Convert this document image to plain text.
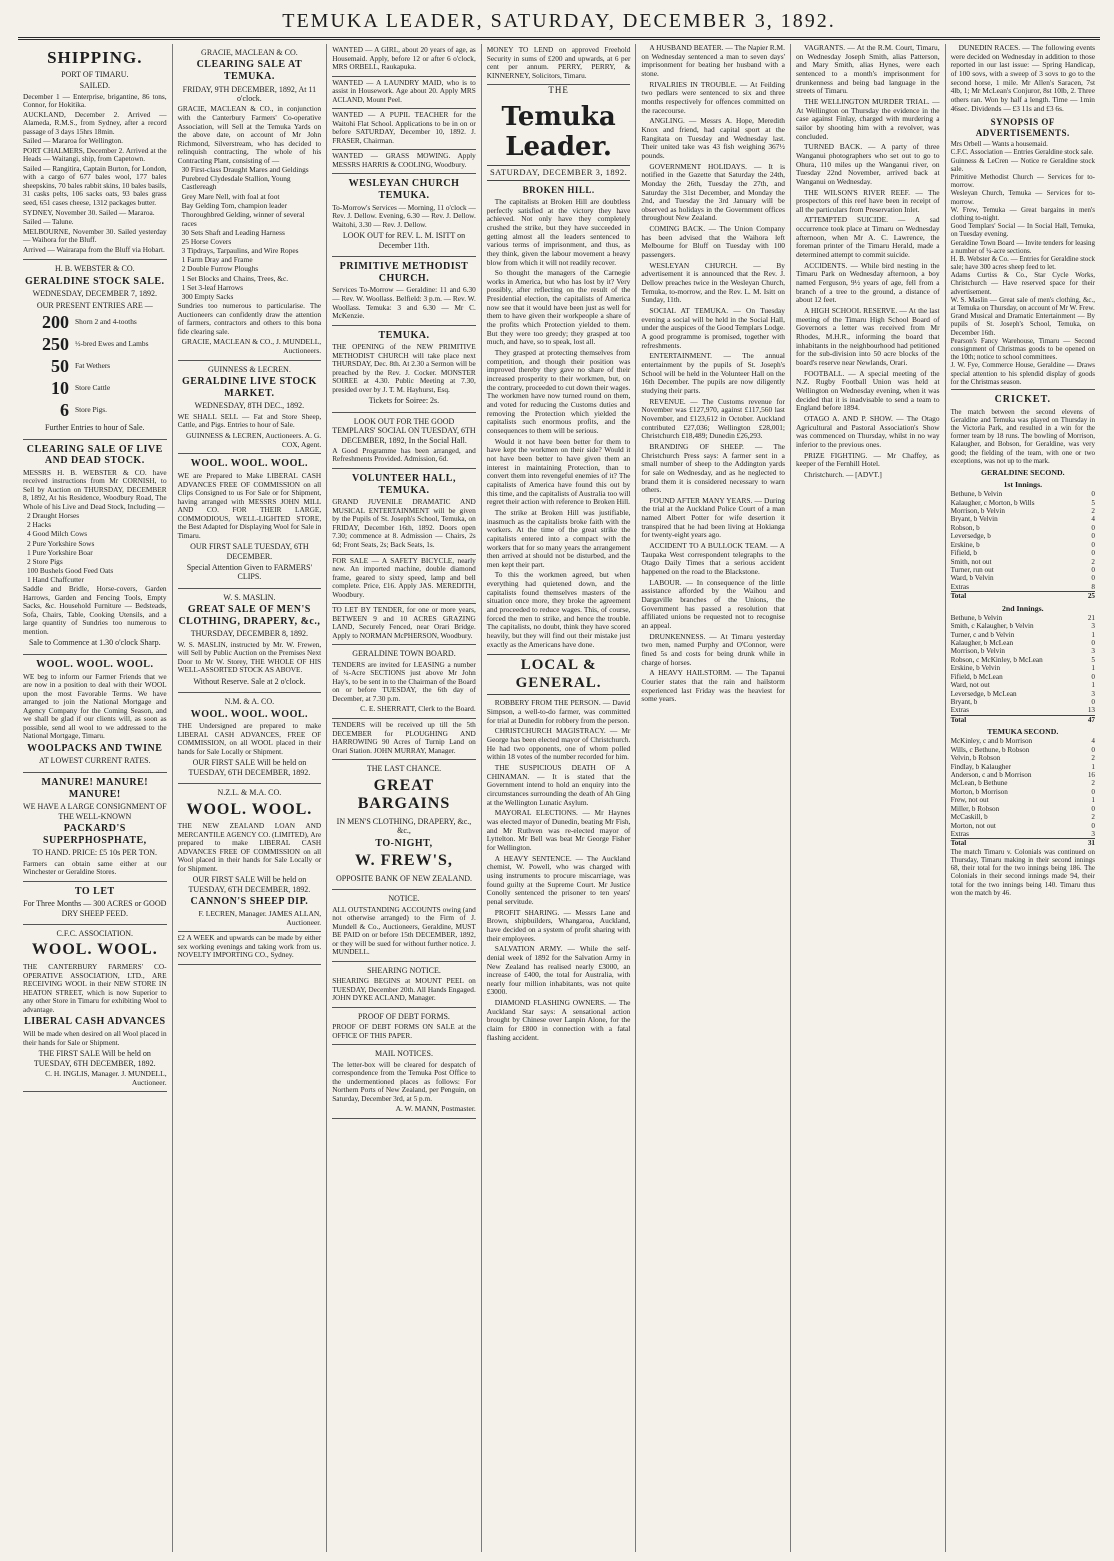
TEMUKA LEADER, SATURDAY, DECEMBER 3, 1892.
SHIPPING.
PORT OF TIMARU.
SAILED.
December 1 — Enterprise, brigantine, 86 tons, Connor, for Hokitika.
AUCKLAND, December 2. Arrived — Alameda, R.M.S., from Sydney, after a record passage of 3 days 15hrs 18min.
Sailed — Mararoa for Wellington.
PORT CHALMERS, December 2. Arrived at the Heads — Waitangi, ship, from Capetown.
Sailed — Rangitira, Captain Burton, for London, with a cargo of 677 bales wool, 177 bales sheepskins, 70 bales rabbit skins, 10 bales basils, 31 casks pelts, 106 sacks oats, 93 bales grass seed, 651 cases cheese, 1312 packages butter.
SYDNEY, November 30. Sailed — Mararoa.
Sailed — Talune.
MELBOURNE, November 30. Sailed yesterday — Waihora for the Bluff.
Arrived — Wairarapa from the Bluff via Hobart.
H. B. WEBSTER & CO.
GERALDINE STOCK SALE.
WEDNESDAY, DECEMBER 7, 1892.
OUR PRESENT ENTRIES ARE —
200 Shorn 2 and 4-tooths
250 ½-bred Ewes and Lambs
50 Fat Wethers
10 Store Cattle
6 Store Pigs.
Further Entries to hour of Sale.
CLEARING SALE OF LIVE AND DEAD STOCK.
MESSRS H. B. WEBSTER & CO. have received instructions from Mr CORNISH, to Sell by Auction on THURSDAY, DECEMBER 8, 1892, At his Residence, Woodbury Road, The Whole of his Live and Dead Stock, Including —
2 Draught Horses
2 Hacks
4 Good Milch Cows
2 Pure Yorkshire Sows
1 Pure Yorkshire Boar
2 Store Pigs
100 Bushels Good Feed Oats
1 Hand Chaffcutter
Saddle and Bridle, Horse-covers, Garden Harrows, Garden and Fencing Tools, Empty Sacks, &c. Household Furniture — Bedsteads, Sofa, Chairs, Table, Cooking Utensils, and a large quantity of Sundries too numerous to mention.
Sale to Commence at 1.30 o'clock Sharp.
WOOL. WOOL. WOOL.
WE beg to inform our Farmer Friends that we are now in a position to deal with their WOOL upon the most Favorable Terms. We have arranged to join the National Mortgage and Agency Company for the Coming Season, and we shall be glad if our clients will, as soon as possible, send all wool to we addressed to the National Mortgage, Timaru.
WOOLPACKS AND TWINE
AT LOWEST CURRENT RATES.
MANURE! MANURE! MANURE!
WE HAVE A LARGE CONSIGNMENT OF THE WELL-KNOWN
PACKARD'S SUPERPHOSPHATE,
TO HAND. PRICE: £5 10s PER TON.
Farmers can obtain same either at our Winchester or Geraldine Stores.
TO LET
For Three Months — 300 ACRES or GOOD DRY SHEEP FEED.
C.F.C. ASSOCIATION.
WOOL. WOOL.
THE CANTERBURY FARMERS' CO-OPERATIVE ASSOCIATION, LTD., ARE RECEIVING WOOL in their NEW STORE IN HEATON STREET, which is now Superior to any other Store in Timaru for exhibiting Wool to advantage.
LIBERAL CASH ADVANCES
Will be made when desired on all Wool placed in their hands for Sale or Shipment.
THE FIRST SALE Will be held on TUESDAY, 6TH DECEMBER, 1892.
C. H. INGLIS, Manager. J. MUNDELL, Auctioneer.
GRACIE, MACLEAN & CO.
CLEARING SALE AT TEMUKA.
FRIDAY, 9TH DECEMBER, 1892, At 11 o'clock.
GRACIE, MACLEAN & CO., in conjunction with the Canterbury Farmers' Co-operative Association, will Sell at the Temuka Yards on the above date, on account of Mr John Richmond, Silverstream, who has decided to relinquish contracting, The whole of his Contracting Plant, consisting of —
30 First-class Draught Mares and Geldings
Purebred Clydesdale Stallion, Young Castlereagh
Grey Mare Nell, with foal at foot
Bay Gelding Tom, champion leader
Thoroughbred Gelding, winner of several races
30 Sets Shaft and Leading Harness
25 Horse Covers
3 Tipdrays, Tarpaulins, and Wire Ropes
1 Farm Dray and Frame
2 Double Furrow Ploughs
1 Set Blocks and Chains, Trees, &c.
1 Set 3-leaf Harrows
300 Empty Sacks
Sundries too numerous to particularise. The Auctioneers can confidently draw the attention of farmers, contractors and others to this bona fide clearing sale.
GRACIE, MACLEAN & CO., J. MUNDELL, Auctioneers.
GUINNESS & LECREN.
GERALDINE LIVE STOCK MARKET.
WEDNESDAY, 8TH DEC., 1892.
WE SHALL SELL — Fat and Store Sheep, Cattle, and Pigs. Entries to hour of Sale.
GUINNESS & LECREN, Auctioneers. A. G. COX, Agent.
WOOL. WOOL. WOOL.
WE are Prepared to Make LIBERAL CASH ADVANCES FREE OF COMMISSION on all Clips Consigned to us For Sale or for Shipment, having arranged with MESSRS JOHN MILL AND CO. FOR THEIR LARGE, COMMODIOUS, WELL-LIGHTED STORE, the Best Adapted for Displaying Wool for Sale in Timaru.
OUR FIRST SALE TUESDAY, 6TH DECEMBER.
Special Attention Given to FARMERS' CLIPS.
W. S. MASLIN.
GREAT SALE OF MEN'S CLOTHING, DRAPERY, &c.,
THURSDAY, DECEMBER 8, 1892.
W. S. MASLIN, instructed by Mr. W. Frewen, will Sell by Public Auction on the Premises Next Door to Mr W. Storey, THE WHOLE OF HIS WELL-ASSORTED STOCK AS ABOVE.
Without Reserve. Sale at 2 o'clock.
N.M. & A. CO.
WOOL. WOOL. WOOL.
THE Undersigned are prepared to make LIBERAL CASH ADVANCES, FREE OF COMMISSION, on all WOOL placed in their hands for Sale Locally or Shipment.
OUR FIRST SALE Will be held on TUESDAY, 6TH DECEMBER, 1892.
N.Z.L. & M.A. CO.
WOOL. WOOL.
THE NEW ZEALAND LOAN AND MERCANTILE AGENCY CO. (LIMITED), Are prepared to make LIBERAL CASH ADVANCES FREE OF COMMISSION on all Wool placed in their hands for Sale Locally or for Shipment.
OUR FIRST SALE Will be held on TUESDAY, 6TH DECEMBER, 1892.
CANNON'S SHEEP DIP.
F. LECREN, Manager. JAMES ALLAN, Auctioneer.
£2 A WEEK and upwards can be made by either sex working evenings and taking work from us. NOVELTY IMPORTING CO., Sydney.
WANTED — A GIRL, about 20 years of age, as Housemaid. Apply, before 12 or after 6 o'clock, MRS ORBELL, Raukapuka.
WANTED — A LAUNDRY MAID, who is to assist in Housework. Age about 20. Apply MRS ACLAND, Mount Peel.
WANTED — A PUPIL TEACHER for the Waitohi Flat School. Applications to be in on or before SATURDAY, December 10, 1892. J. FRASER, Chairman.
WANTED — GRASS MOWING. Apply MESSRS HARRIS & COOLING, Woodbury.
WESLEYAN CHURCH TEMUKA.
To-Morrow's Services — Morning, 11 o'clock — Rev. J. Dellow. Evening, 6.30 — Rev. J. Dellow. Waitohi, 3.30 — Rev. J. Dellow.
LOOK OUT for REV. L. M. ISITT on December 11th.
PRIMITIVE METHODIST CHURCH.
Services To-Morrow — Geraldine: 11 and 6.30 — Rev. W. Woollass. Belfield: 3 p.m. — Rev. W. Woollass. Temuka: 3 and 6.30 — Mr C. McKenzie.
TEMUKA.
THE OPENING of the NEW PRIMITIVE METHODIST CHURCH will take place next THURSDAY, Dec. 8th. At 2.30 a Sermon will be preached by the Rev. J. Cocker. MONSTER SOIREE at 4.30. Public Meeting at 7.30, presided over by J. T. M. Hayhurst, Esq.
Tickets for Soiree: 2s.
LOOK OUT FOR THE GOOD TEMPLARS' SOCIAL ON TUESDAY, 6TH DECEMBER, 1892, In the Social Hall.
A Good Programme has been arranged, and Refreshments Provided. Admission, 6d.
VOLUNTEER HALL, TEMUKA.
GRAND JUVENILE DRAMATIC AND MUSICAL ENTERTAINMENT will be given by the Pupils of St. Joseph's School, Temuka, on FRIDAY, December 16th, 1892. Doors open 7.30; commence at 8. Admission — Chairs, 2s 6d; Front Seats, 2s; Back Seats, 1s.
FOR SALE — A SAFETY BICYCLE, nearly new. An imported machine, double diamond frame, geared to sixty speed, lamp and bell complete. Price, £16. Apply JAS. MEREDITH, Woodbury.
TO LET BY TENDER, for one or more years, BETWEEN 9 and 10 ACRES GRAZING LAND, Securely Fenced, near Orari Bridge. Apply to NORMAN McPHERSON, Woodbury.
GERALDINE TOWN BOARD.
TENDERS are invited for LEASING a number of ¼-Acre SECTIONS just above Mr John Hay's, to be sent in to the Chairman of the Board on or before TUESDAY, the 6th day of December, at 7.30 p.m.
C. E. SHERRATT, Clerk to the Board.
TENDERS will be received up till the 5th DECEMBER for PLOUGHING AND HARROWING 90 Acres of Turnip Land on Orari Station. JOHN MURRAY, Manager.
THE LAST CHANCE.
GREAT BARGAINS
IN MEN'S CLOTHING, DRAPERY, &c., &c.,
TO-NIGHT,
W. FREW'S,
OPPOSITE BANK OF NEW ZEALAND.
NOTICE.
ALL OUTSTANDING ACCOUNTS owing (and not otherwise arranged) to the Firm of J. Mundell & Co., Auctioneers, Geraldine, MUST BE PAID on or before 15th DECEMBER, 1892, or they will be sued for without further notice. J. MUNDELL.
SHEARING NOTICE.
SHEARING BEGINS at MOUNT PEEL on TUESDAY, December 20th. All Hands Engaged. JOHN DYKE ACLAND, Manager.
PROOF OF DEBT FORMS.
PROOF OF DEBT FORMS ON SALE at the OFFICE OF THIS PAPER.
MAIL NOTICES.
The letter-box will be cleared for despatch of correspondence from the Temuka Post Office to the undermentioned places as follows: For Northern Ports of New Zealand, per Penguin, on Saturday, December 3rd, at 5 p.m.
A. W. MANN, Postmaster.
MONEY TO LEND on approved Freehold Security in sums of £200 and upwards, at 6 per cent per annum. PERRY, PERRY, & KINNERNEY, Solicitors, Timaru.
THE
Temuka Leader.
SATURDAY, DECEMBER 3, 1892.
BROKEN HILL.

The capitalists at Broken Hill are doubtless perfectly satisfied at the victory they have achieved. Not only have they completely crushed the strike, but they have succeeded in getting almost all the leaders sentenced to various terms of imprisonment, and thus, as they think, given the labour movement a heavy blow from which it will not readily recover.

So thought the managers of the Carnegie works in America, but who has lost by it? Very possibly, after reflecting on the result of the Presidential election, the capitalists of America now see that it would have been just as well for them to have given their workpeople a share of the profits which Protection yielded to them. But they were too greedy; they grasped at too much, and have, so to speak, lost all.

They grasped at protecting themselves from competition, and though their position was improved thereby they gave no share of their increased prosperity to their workmen, but, on the contrary, proceeded to cut down their wages. The workmen have now turned round on them, and voted for reducing the Customs duties and removing the Protection which yielded the capitalists such enormous profits, and the consequences to them will be serious.

Would it not have been better for them to have kept the workmen on their side? Would it not have been better to have given them an interest in maintaining Protection, than to convert them into revengeful enemies of it? The capitalists of America have found this out by this time, and the capitalists of Australia too will regret their action with reference to Broken Hill.

The strike at Broken Hill was justifiable, inasmuch as the capitalists broke faith with the workers. At the time of the great strike the capitalists entered into a compact with the workers that for so many years the arrangement then arrived at should not be disturbed, and the men kept their part.

To this the workmen agreed, but when everything had quietened down, and the capitalists found themselves masters of the situation once more, they broke the agreement and proceeded to reduce wages. This, of course, forced the men to strike, and hence the trouble. The capitalists, no doubt, think they have scored heavily, but they will find out their mistake just exactly as the Americans have done.

LOCAL & GENERAL.

ROBBERY FROM THE PERSON. — David Simpson, a well-to-do farmer, was committed for trial at Dunedin for robbery from the person.

CHRISTCHURCH MAGISTRACY. — Mr George has been elected mayor of Christchurch. He had two opponents, one of whom polled within 18 votes of the number recorded for him.

THE SUSPICIOUS DEATH OF A CHINAMAN. — It is stated that the Government intend to hold an enquiry into the circumstances surrounding the death of Ah Ging at the Wellington Lunatic Asylum.

MAYORAL ELECTIONS. — Mr Haynes was elected mayor of Dunedin, beating Mr Fish, and Mr Ruthven was re-elected mayor of Lyttelton. Mr Bell was beat Mr George Fisher for Wellington.

A HEAVY SENTENCE. — The Auckland chemist, W. Powell, who was charged with using instruments to procure miscarriage, was found guilty at the Supreme Court. Mr Justice Conolly sentenced the prisoner to ten years' penal servitude.

PROFIT SHARING. — Messrs Lane and Brown, shipbuilders, Whangaroa, Auckland, have decided on a system of profit sharing with their employees.

SALVATION ARMY. — While the self-denial week of 1892 for the Salvation Army in New Zealand has realised nearly £3000, an increase of £400, the total for Australia, with nearly four million inhabitants, was not quite £3000.

DIAMOND FLASHING OWNERS. — The Auckland Star says: A sensational action brought by Chinese over Lanpin Alone, for the claim for £800 in connection with a fatal flashing accident.

A HUSBAND BEATER. — The Napier R.M. on Wednesday sentenced a man to seven days' imprisonment for beating her husband with a stone.

RIVALRIES IN TROUBLE. — At Feilding two pedlars were sentenced to six and three months respectively for offences committed on the racecourse.

ANGLING. — Messrs A. Hope, Meredith Knox and friend, had capital sport at the Rangitata on Tuesday and Wednesday last. Their united take was 43 fish weighing 367½ pounds.

GOVERNMENT HOLIDAYS. — It is notified in the Gazette that Saturday the 24th, Monday the 26th, Tuesday the 27th, and Saturday the 31st December, and Monday the 2nd, and Tuesday the 3rd January will be observed as holidays in the Government offices throughout New Zealand.

COMING BACK. — The Union Company has been advised that the Waihora left Melbourne for Bluff on Tuesday with 100 passengers.

WESLEYAN CHURCH. — By advertisement it is announced that the Rev. J. Dellow preaches twice in the Wesleyan Church, Temuka, to-morrow, and the Rev. L. M. Isitt on Sunday, 11th.

SOCIAL AT TEMUKA. — On Tuesday evening a social will be held in the Social Hall, under the auspices of the Good Templars Lodge. A good programme is promised, together with refreshments.

ENTERTAINMENT. — The annual entertainment by the pupils of St. Joseph's School will be held in the Volunteer Hall on the 16th December. The pupils are now diligently studying their parts.

REVENUE. — The Customs revenue for November was £127,970, against £117,560 last November, and £123,612 in October. Auckland contributed £27,036; Wellington £28,001; Christchurch £18,489; Dunedin £26,293.

BRANDING OF SHEEP. — The Christchurch Press says: A farmer sent in a small number of sheep to the Addington yards for sale on Wednesday, and as he neglected to brand them it is considered necessary to warn others.

FOUND AFTER MANY YEARS. — During the trial at the Auckland Police Court of a man named Albert Potter for wife desertion it transpired that he had been living at Hokianga for twenty-eight years ago.

ACCIDENT TO A BULLOCK TEAM. — A Taupaka West correspondent telegraphs to the Otago Daily Times that a serious accident happened on the road to the Blackstone.

LABOUR. — In consequence of the little assistance afforded by the Waihou and Dargaville branches of the Unions, the Government has passed a resolution that affiliated unions be requested not to recognise an appeal.

DRUNKENNESS. — At Timaru yesterday two men, named Purphy and O'Connor, were fined 5s and costs for being drunk while in charge of horses.

A HEAVY HAILSTORM. — The Tapanui Courier states that the rain and hailstorm experienced last Friday was the heaviest for some years.

VAGRANTS. — At the R.M. Court, Timaru, on Wednesday Joseph Smith, alias Patterson, and Mary Smith, alias Hynes, were each sentenced to a month's imprisonment for drunkenness and being bad language in the streets of Timaru.

THE WELLINGTON MURDER TRIAL. — At Wellington on Thursday the evidence in the case against Finlay, charged with murdering a sailor by shooting him with a revolver, was concluded.

TURNED BACK. — A party of three Wanganui photographers who set out to go to Ohura, 110 miles up the Wanganui river, on Tuesday 22nd November, arrived back at Wanganui on Wednesday.

THE WILSON'S RIVER REEF. — The prospectors of this reef have been in receipt of all the particulars from Preservation Inlet.

ATTEMPTED SUICIDE. — A sad occurrence took place at Timaru on Wednesday afternoon, when Mr A. C. Lawrence, the foreman printer of the Timaru Herald, made a determined attempt to commit suicide.

ACCIDENTS. — While bird nesting in the Timaru Park on Wednesday afternoon, a boy named Ferguson, 9½ years of age, fell from a branch of a tree to the ground, a distance of about 12 feet.

A HIGH SCHOOL RESERVE. — At the last meeting of the Timaru High School Board of Governors a letter was received from Mr Rhodes, M.H.R., informing the board that inhabitants in the neighbourhood had petitioned for the sub-division into 50 acre blocks of the board's reserve near Newlands, Orari.

FOOTBALL. — A special meeting of the N.Z. Rugby Football Union was held at Wellington on Wednesday evening, when it was decided that it is inadvisable to send a team to England before 1894.

OTAGO A. AND P. SHOW. — The Otago Agricultural and Pastoral Association's Show was commenced on Thursday, whilst in no way inferior to the previous ones.

PRIZE FIGHTING. — Mr Chaffey, as keeper of the Fernhill Hotel.

Christchurch. — [ADVT.]

DUNEDIN RACES. — The following events were decided on Wednesday in addition to those reported in our last issue: — Spring Handicap, of 100 sovs, with a sweep of 3 sovs to go to the second horse, 1 mile. Mr Allen's Saracen, 7st 4lb, 1; Mr McLean's Conjuror, 8st 10lb, 2. Three others ran. Won by half a length. Time — 1min 46sec. Dividends — £3 11s and £3 6s.

SYNOPSIS OF ADVERTISEMENTS.
Mrs Orbell — Wants a housemaid.
C.F.C. Association — Entries Geraldine stock sale.
Guinness & LeCren — Notice re Geraldine stock sale.
Primitive Methodist Church — Services for to-morrow.
Wesleyan Church, Temuka — Services for to-morrow.
W. Frew, Temuka — Great bargains in men's clothing to-night.
Good Templars' Social — In Social Hall, Temuka, on Tuesday evening.
Geraldine Town Board — Invite tenders for leasing a number of ¼-acre sections.
H. B. Webster & Co. — Entries for Geraldine stock sale; have 300 acres sheep feed to let.
Adams Curtiss & Co., Star Cycle Works, Christchurch — Have reserved space for their advertisement.
W. S. Maslin — Great sale of men's clothing, &c., at Temuka on Thursday, on account of Mr W. Frew.
Grand Musical and Dramatic Entertainment — By pupils of St. Joseph's School, Temuka, on December 16th.
Pearson's Fancy Warehouse, Timaru — Second consignment of Christmas goods to be opened on the 10th; notice to school committees.
J. W. Fye, Commerce House, Geraldine — Draws special attention to his splendid display of goods for the Christmas season.
CRICKET.
The match between the second elevens of Geraldine and Temuka was played on Thursday in the Victoria Park, and resulted in a win for the former team by 18 runs. The bowling of Morrison, Kalaugher, and Bobson, for Geraldine, was very good; the fielding of the team, with one or two exceptions, was not up to the mark.
GERALDINE SECOND.
1st Innings.
Bethune, b Velvin	0
Kalaugher, c Morton, b Wills	5
Morrison, b Velvin	2
Bryant, b Velvin	4
Robson, b	0
Leversedge, b	0
Erskine, b	0
Fifield, b	0
Smith, not out	2
Turner, run out	0
Ward, b Velvin	0
Extras	8
Total	25
2nd Innings.
Bethune, b Velvin	21
Smith, c Kalaugher, b Velvin	3
Turner, c and b Velvin	1
Kalaugher, b McLean	0
Morrison, b Velvin	3
Robson, c McKinley, b McLean	5
Erskine, b Velvin	1
Fifield, b McLean	0
Ward, not out	1
Leversedge, b McLean	3
Bryant, b	0
Extras	13
Total	47
TEMUKA SECOND.
McKinley, c and b Morrison	4
Wills, c Bethune, b Robson	0
Velvin, b Robson	2
Findlay, b Kalaugher	1
Anderson, c and b Morrison	16
McLean, b Bethune	2
Morton, b Morrison	0
Frew, not out	1
Miller, b Robson	0
McCaskill, b	2
Morton, not out	0
Extras	3
Total	31
The match Timaru v. Colonials was continued on Thursday, Timaru making in their second innings 68, their total for the two innings being 186. The Colonials in their second innings made 94, their total for the two innings being 140. Timaru thus won the match by 46.
